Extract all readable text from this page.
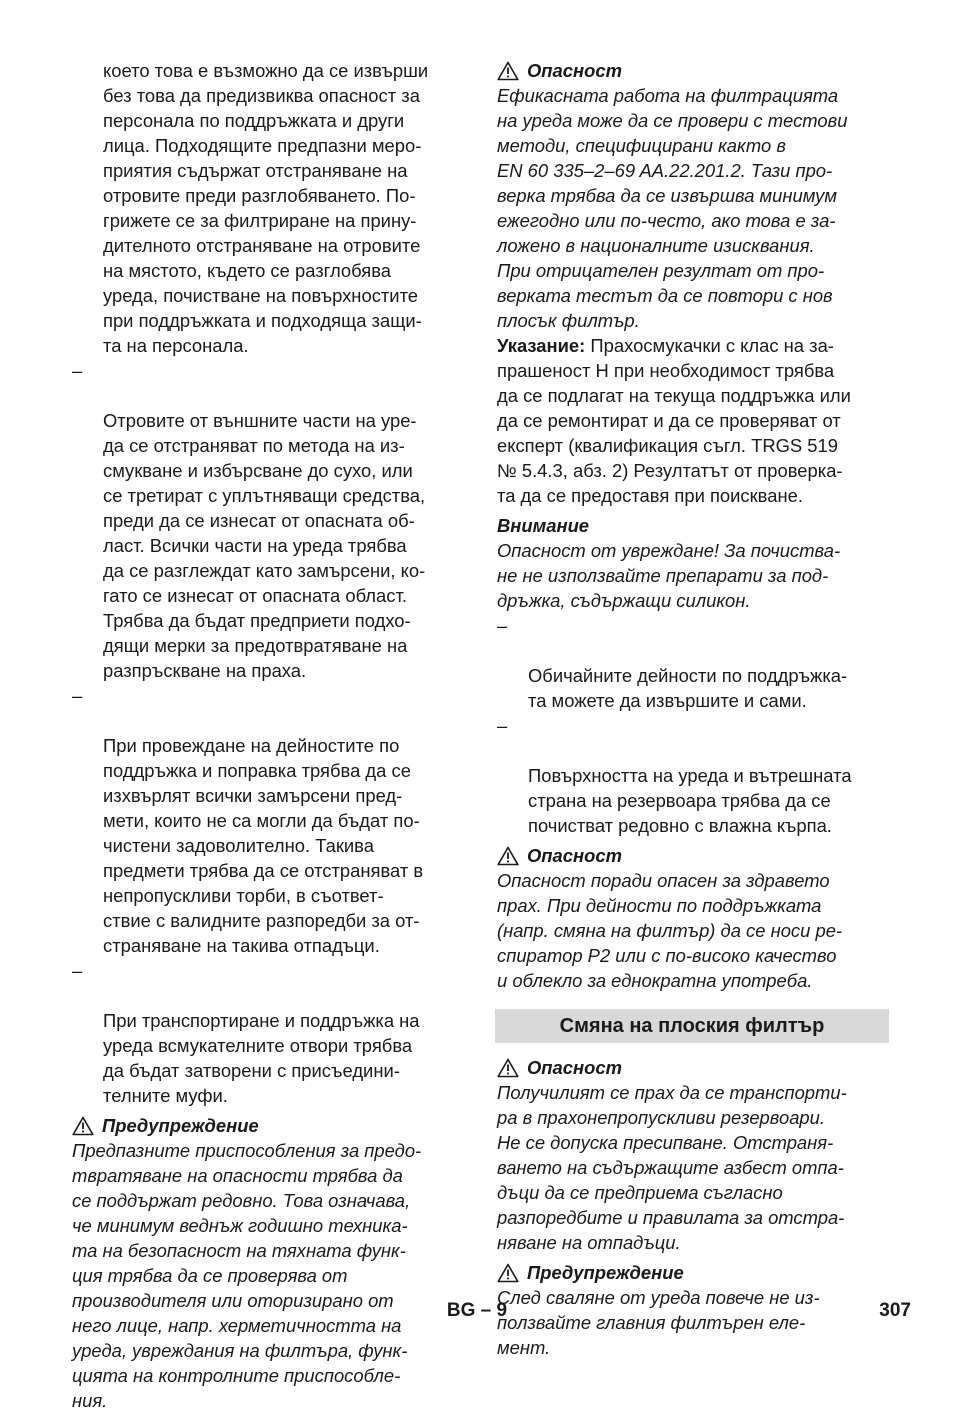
което това е възможно да се извърши
без това да предизвиква опасност за
персонала по поддръжката и други
лица. Подходящите предпазни мерo-
приятия съдържат отстраняване на
отровите преди разглобяването. По-
грижете се за филтриране на прину-
дителното отстраняване на отровите
на мястото, където се разглобява
уреда, почистване на повърхностите
при поддръжката и подходяща защи-
та на персонала.

–

Отровите от външните части на уре-
да се отстраняват по метода на из-
смукване и избърсване до сухо, или
се третират с уплътняващи средства,
преди да се изнесат от опасната об-
ласт. Всички части на уреда трябва
да се разглеждат като замърсени, ко-
гато се изнесат от опасната област.
Трябва да бъдат предприети подхо-
дящи мерки за предотвратяване на
разпръскване на праха.

–

При провеждане на дейностите по
поддръжка и поправка трябва да се
изхвърлят всички замърсени пред-
мети, които не са могли да бъдат по-
чистени задоволително. Такива
предмети трябва да се отстраняват в
непропускливи торби, в съответ-
ствие с валидните разпоредби за от-
страняване на такива отпадъци.

–

При транспортиране и поддръжка на
уреда всмукателните отвори трябва
да бъдат затворени с присъедини-
телните муфи.

Предупреждение
Предпазните приспособления за предо-
твратяване на опасности трябва да
се поддържат редовно. Това означава,
че минимум веднъж годишно техника-
та на безопасност на тяхната функ-
ция трябва да се проверява от
производителя или оторизирано от
него лице, напр. херметичността на
уреда, увреждания на филтъра, функ-
цията на контролните приспособле-
ния.
Опасност
Ефикасната работа на филтрацията
на уреда може да се провери с тестови
методи, специфицирани както в
EN 60 335–2–69 AA.22.201.2. Тази про-
верка трябва да се извършва минимум
ежегодно или по-често, ако това е за-
ложено в националните изисквания.
При отрицателен резултат от про-
верката тестът да се повтори с нов
плосък филтър.
Указание: Прахосмукачки с клас на за-
прашеност H при необходимост трябва
да се подлагат на текуща поддръжка или
да се ремонтират и да се проверяват от
експерт (квалификация съгл. TRGS 519
№ 5.4.3, абз. 2) Резултатът от проверка-
та да се предоставя при поискване.
Внимание
Опасност от увреждане! За почиства-
не не използвайте препарати за под-
дръжка, съдържащи силикон.

–

Обичайните дейности по поддръжка-
та можете да извършите и сами.

–

Повърхността на уреда и вътрешната
страна на резервоара трябва да се
почистват редовно с влажна кърпа.

Опасност
Опасност поради опасен за здравето
прах. При дейности по поддръжката
(напр. смяна на филтър) да се носи ре-
спиратор P2 или с по-високо качество
и облекло за еднократна употреба.
Смяна на плоския филтър
Опасност
Получилият се прах да се транспорти-
ра в прахонепропускливи резервоари.
Не се допуска пресипване. Отстраня-
ването на съдържащите азбест отпа-
дъци да се предприема съгласно
разпоредбите и правилата за отстра-
няване на отпадъци.
Предупреждение
След сваляне от уреда повече не из-
ползвайте главния филтърен еле-
мент.
BG – 9	307
